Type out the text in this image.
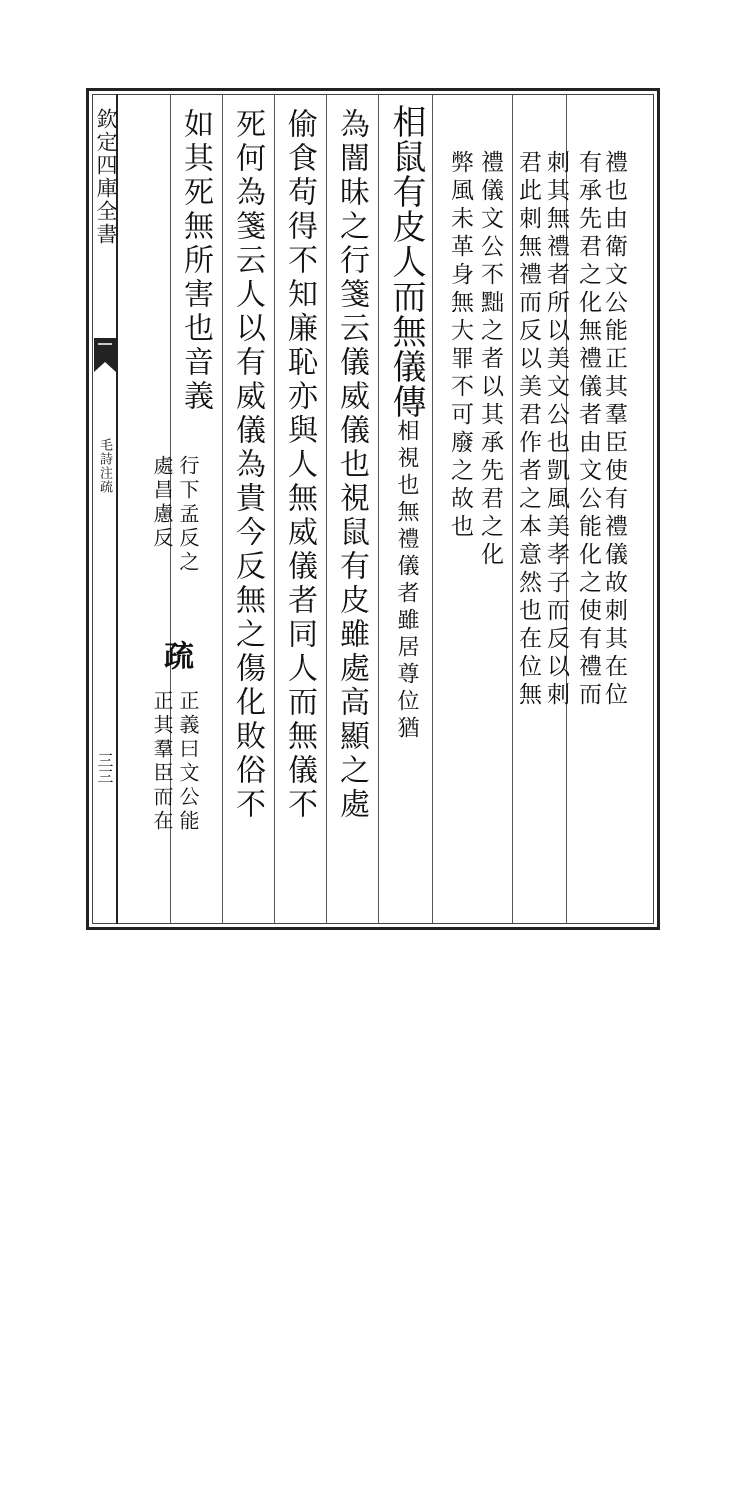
欽定四庫全書
毛詩注疏
三三
禮也由衛文公能正其羣臣使有禮儀故刺其在位
有承先君之化無禮儀者由文公能化之使有禮而
刺其無禮者所以美文公也凱風美孝子而反以刺
君此刺無禮而反以美君作者之本意然也在位無
禮儀文公不黜之者以其承先君之化
弊風未革身無大罪不可廢之故也
相鼠有皮人而無儀傳相視也無禮儀者雖居尊位猶
為闇昧之行箋云儀威儀也視鼠有皮雖處高顯之處
偷食苟得不知廉恥亦與人無威儀者同人而無儀不
死何為箋云人以有威儀為貴今反無之傷化敗俗不
如其死無所害也音義
行下孟反之
處昌慮反
疏
正義曰文公能
正其羣臣而在
